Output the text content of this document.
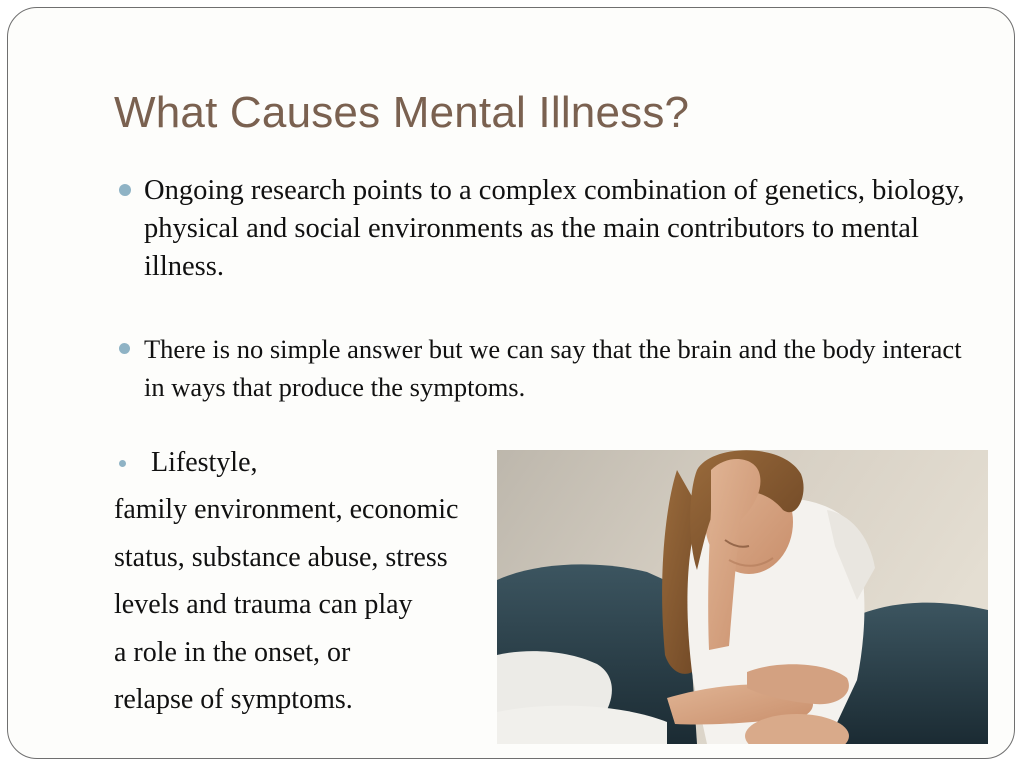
What Causes Mental Illness?
Ongoing research points to a complex combination of genetics, biology, physical and social environments as the main contributors to mental illness.
There is no simple answer but we can say that the brain and the body interact in ways that produce the symptoms.
Lifestyle,

family environment, economic
status, substance abuse, stress
levels and trauma can play
a role in the onset, or
relapse of symptoms.
